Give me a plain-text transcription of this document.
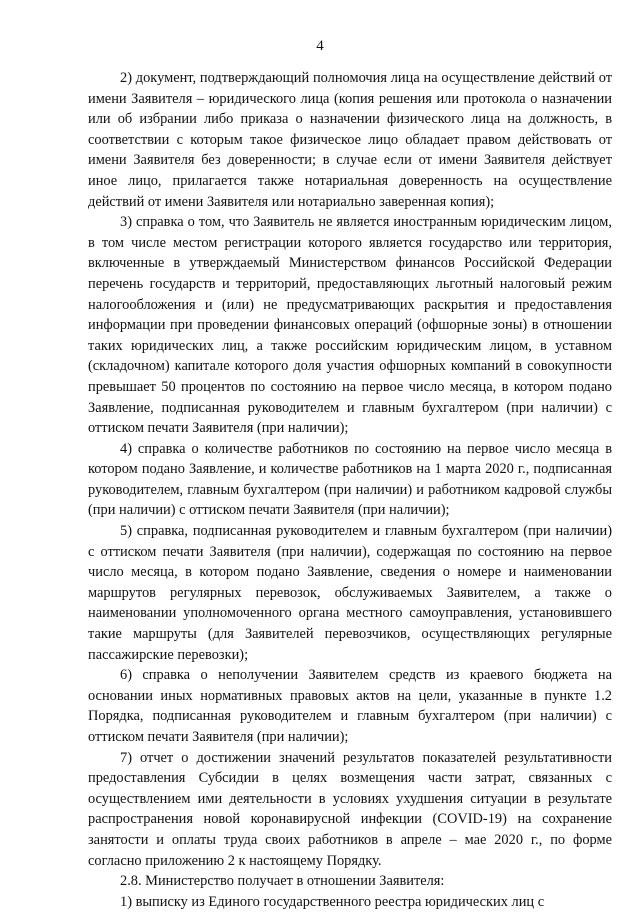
4

2) документ, подтверждающий полномочия лица на осуществление действий от имени Заявителя – юридического лица (копия решения или протокола о назначении или об избрании либо приказа о назначении физического лица на должность, в соответствии с которым такое физическое лицо обладает правом действовать от имени Заявителя без доверенности; в случае если от имени Заявителя действует иное лицо, прилагается также нотариальная доверенность на осуществление действий от имени Заявителя или нотариально заверенная копия);

3) справка о том, что Заявитель не является иностранным юридическим лицом, в том числе местом регистрации которого является государство или территория, включенные в утверждаемый Министерством финансов Российской Федерации перечень государств и территорий, предоставляющих льготный налоговый режим налогообложения и (или) не предусматривающих раскрытия и предоставления информации при проведении финансовых операций (офшорные зоны) в отношении таких юридических лиц, а также российским юридическим лицом, в уставном (складочном) капитале которого доля участия офшорных компаний в совокупности превышает 50 процентов по состоянию на первое число месяца, в котором подано Заявление, подписанная руководителем и главным бухгалтером (при наличии) с оттиском печати Заявителя (при наличии);

4) справка о количестве работников по состоянию на первое число месяца в котором подано Заявление, и количестве работников на 1 марта 2020 г., подписанная руководителем, главным бухгалтером (при наличии) и работником кадровой службы (при наличии) с оттиском печати Заявителя (при наличии);

5) справка, подписанная руководителем и главным бухгалтером (при наличии) с оттиском печати Заявителя (при наличии), содержащая по состоянию на первое число месяца, в котором подано Заявление, сведения о номере и наименовании маршрутов регулярных перевозок, обслуживаемых Заявителем, а также о наименовании уполномоченного органа местного самоуправления, установившего такие маршруты (для Заявителей перевозчиков, осуществляющих регулярные пассажирские перевозки);

6) справка о неполучении Заявителем средств из краевого бюджета на основании иных нормативных правовых актов на цели, указанные в пункте 1.2 Порядка, подписанная руководителем и главным бухгалтером (при наличии) с оттиском печати Заявителя (при наличии);

7) отчет о достижении значений результатов показателей результативности предоставления Субсидии в целях возмещения части затрат, связанных с осуществлением ими деятельности в условиях ухудшения ситуации в результате распространения новой коронавирусной инфекции (COVID-19) на сохранение занятости и оплаты труда своих работников в апреле – мае 2020 г., по форме согласно приложению 2 к настоящему Порядку.

2.8. Министерство получает в отношении Заявителя:

1) выписку из Единого государственного реестра юридических лиц с
